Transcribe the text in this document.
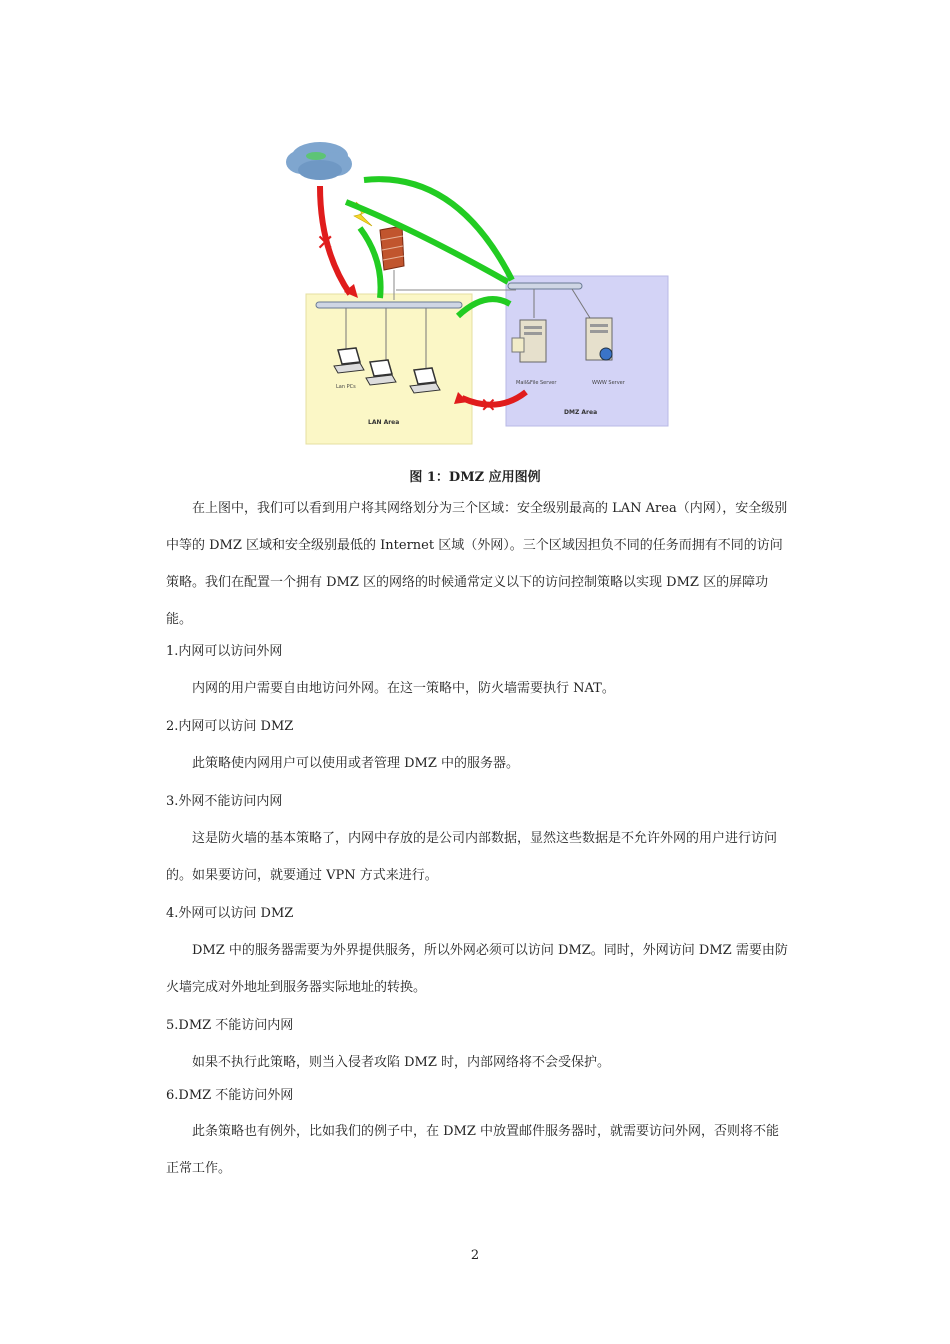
Lan PCs
LAN Area
Mail&File Server	WWW Server
DMZ Area
✕
✕
图 1：DMZ 应用图例

在上图中，我们可以看到用户将其网络划分为三个区域：安全级别最高的 LAN Area（内网），安全级别中等的 DMZ 区域和安全级别最低的 Internet 区域（外网）。三个区域因担负不同的任务而拥有不同的访问策略。我们在配置一个拥有 DMZ 区的网络的时候通常定义以下的访问控制策略以实现 DMZ 区的屏障功能。

1.内网可以访问外网

内网的用户需要自由地访问外网。在这一策略中，防火墙需要执行 NAT。

2.内网可以访问 DMZ

此策略使内网用户可以使用或者管理 DMZ 中的服务器。

3.外网不能访问内网

这是防火墙的基本策略了，内网中存放的是公司内部数据，显然这些数据是不允许外网的用户进行访问的。如果要访问，就要通过 VPN 方式来进行。

4.外网可以访问 DMZ

DMZ 中的服务器需要为外界提供服务，所以外网必须可以访问 DMZ。同时，外网访问 DMZ 需要由防火墙完成对外地址到服务器实际地址的转换。

5.DMZ 不能访问内网

如果不执行此策略，则当入侵者攻陷 DMZ 时，内部网络将不会受保护。

6.DMZ 不能访问外网

此条策略也有例外，比如我们的例子中，在 DMZ 中放置邮件服务器时，就需要访问外网，否则将不能正常工作。

2
